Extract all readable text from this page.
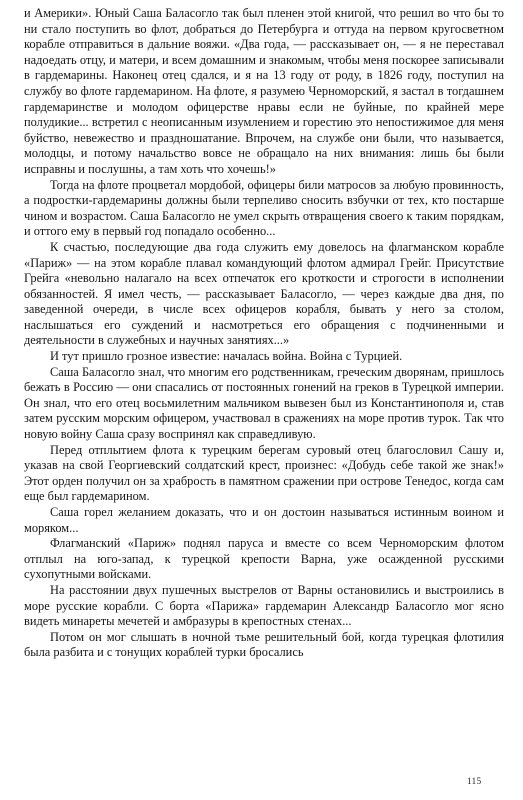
и Америки». Юный Саша Баласогло так был пленен этой книгой, что решил во что бы то ни стало поступить во флот, добраться до Петербурга и оттуда на первом кругосветном корабле отправиться в дальние вояжи. «Два года, — рассказывает он, — я не переставал надоедать отцу, и матери, и всем домашним и знакомым, чтобы меня поскорее записывали в гардемарины. Наконец отец сдался, и я на 13 году от роду, в 1826 году, поступил на службу во флоте гардемарином. На флоте, я разумею Черноморский, я застал в тогдашнем гардемаринстве и молодом офицерстве нравы если не буйные, по крайней мере полудикие... встретил с неописанным изумлением и горестию это непостижимое для меня буйство, невежество и праздношатание. Впрочем, на службе они были, что называется, молодцы, и потому начальство вовсе не обращало на них внимания: лишь бы были исправны и послушны, а там хоть что хочешь!»

Тогда на флоте процветал мордобой, офицеры били матросов за любую провинность, а подростки-гардемарины должны были терпеливо сносить взбучки от тех, кто постарше чином и возрастом. Саша Баласогло не умел скрыть отвращения своего к таким порядкам, и оттого ему в первый год попадало особенно...

К счастью, последующие два года служить ему довелось на флагманском корабле «Париж» — на этом корабле плавал командующий флотом адмирал Грейг. Присутствие Грейга «невольно налагало на всех отпечаток его кроткости и строгости в исполнении обязанностей. Я имел честь, — рассказывает Баласогло, — через каждые два дня, по заведенной очереди, в числе всех офицеров корабля, бывать у него за столом, наслышаться его суждений и насмотреться его обращения с подчиненными и деятельности в служебных и научных занятиях...»

И тут пришло грозное известие: началась война. Война с Турцией.

Саша Баласогло знал, что многим его родственникам, греческим дворянам, пришлось бежать в Россию — они спасались от постоянных гонений на греков в Турецкой империи. Он знал, что его отец восьмилетним мальчиком вывезен был из Константинополя и, став затем русским морским офицером, участвовал в сражениях на море против турок. Так что новую войну Саша сразу воспринял как справедливую.

Перед отплытием флота к турецким берегам суровый отец благословил Сашу и, указав на свой Георгиевский солдатский крест, произнес: «Добудь себе такой же знак!» Этот орден получил он за храбрость в памятном сражении при острове Тенедос, когда сам еще был гардемарином.

Саша горел желанием доказать, что и он достоин называться истинным воином и моряком...

Флагманский «Париж» поднял паруса и вместе со всем Черноморским флотом отплыл на юго-запад, к турецкой крепости Варна, уже осажденной русскими сухопутными войсками.

На расстоянии двух пушечных выстрелов от Варны остановились и выстроились в море русские корабли. С борта «Парижа» гардемарин Александр Баласогло мог ясно видеть минареты мечетей и амбразуры в крепостных стенах...

Потом он мог слышать в ночной тьме решительный бой, когда турецкая флотилия была разбита и с тонущих кораблей турки бросались

115
